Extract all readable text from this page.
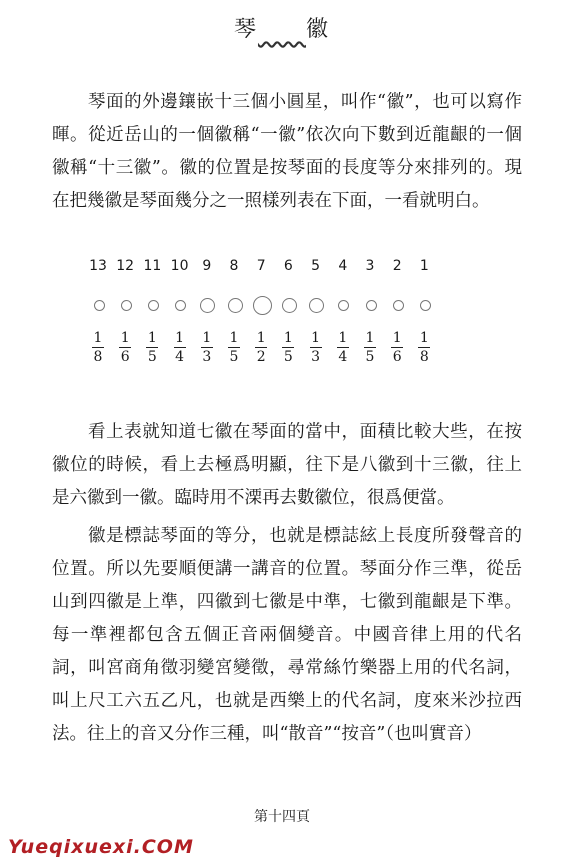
琴　　 徽

琴面的外邊鑲嵌十三個小圓星，叫作“徽”，也可以寫作暉。從近岳山的一個徽稱“一徽”依次向下數到近龍齦的一個徽稱“十三徽”。徽的位置是按琴面的長度等分來排列的。現在把幾徽是琴面幾分之一照樣列表在下面，一看就明白。

13
1
8
12
1
6
11
1
5
10
1
4
9
1
3
8
1
5
7
1
2
6
1
5
5
1
3
4
1
4
3
1
5
2
1
6
1
1
8

看上表就知道七徽在琴面的當中，面積比較大些，在按徽位的時候，看上去極爲明顯，往下是八徽到十三徽，往上是六徽到一徽。臨時用不溧再去數徽位，很爲便當。

徽是標誌琴面的等分，也就是標誌絃上長度所發聲音的位置。所以先要順便講一講音的位置。琴面分作三準，從岳山到四徽是上準，四徽到七徽是中準，七徽到龍齦是下準。每一準裡都包含五個正音兩個變音。中國音律上用的代名詞，叫宮商角徵羽變宮變徵，尋常絲竹樂器上用的代名詞，叫上尺工六五乙凡，也就是西樂上的代名詞，度來米沙拉西法。往上的音又分作三種，叫“散音”“按音”（也叫實音）

第十四頁
Yueqixuexi.COM
